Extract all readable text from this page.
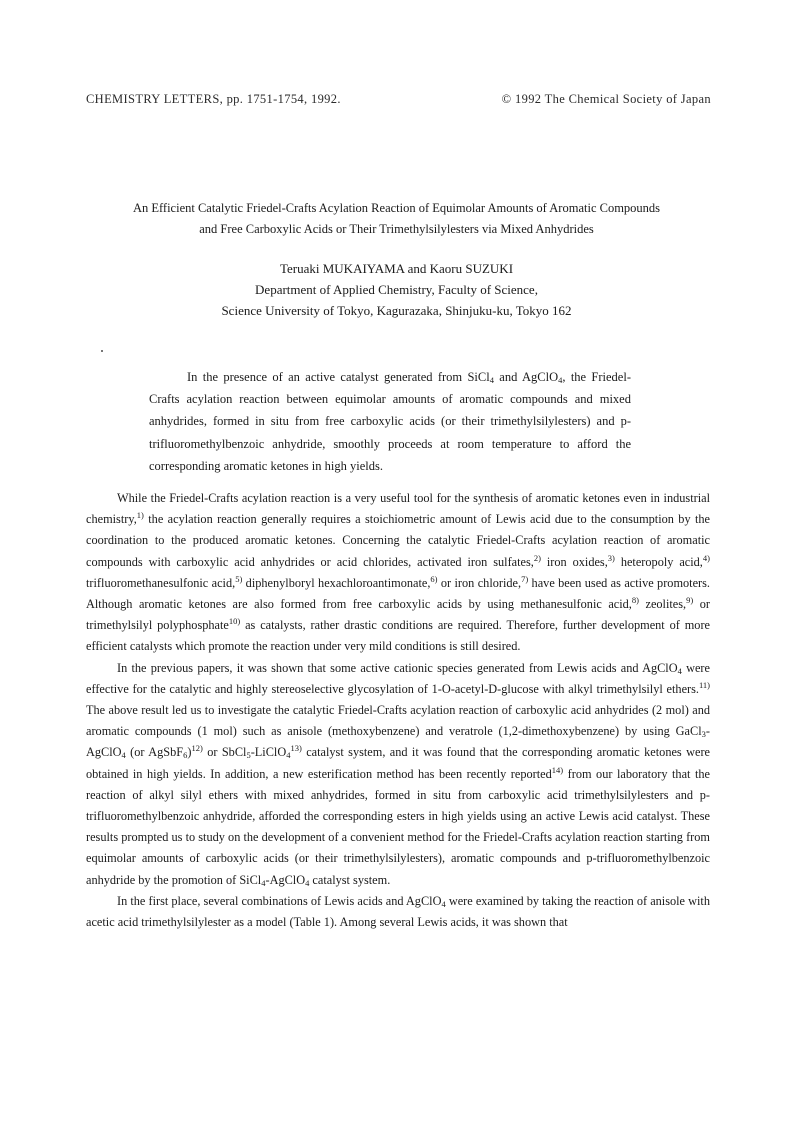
CHEMISTRY LETTERS, pp. 1751-1754, 1992.	© 1992 The Chemical Society of Japan
An Efficient Catalytic Friedel-Crafts Acylation Reaction of Equimolar Amounts of Aromatic Compounds
and Free Carboxylic Acids or Their Trimethylsilylesters via Mixed Anhydrides
Teruaki MUKAIYAMA and Kaoru SUZUKI
Department of Applied Chemistry, Faculty of Science,
Science University of Tokyo, Kagurazaka, Shinjuku-ku, Tokyo 162
In the presence of an active catalyst generated from SiCl$_4$ and AgClO$_4$, the Friedel-Crafts acylation reaction between equimolar amounts of aromatic compounds and mixed anhydrides, formed in situ from free carboxylic acids (or their trimethylsilylesters) and p-trifluoromethylbenzoic anhydride, smoothly proceeds at room temperature to afford the corresponding aromatic ketones in high yields.

While the Friedel-Crafts acylation reaction is a very useful tool for the synthesis of aromatic ketones even in industrial chemistry,$^{1)}$ the acylation reaction generally requires a stoichiometric amount of Lewis acid due to the consumption by the coordination to the produced aromatic ketones. Concerning the catalytic Friedel-Crafts acylation reaction of aromatic compounds with carboxylic acid anhydrides or acid chlorides, activated iron sulfates,$^{2)}$ iron oxides,$^{3)}$ heteropoly acid,$^{4)}$ trifluoromethanesulfonic acid,$^{5)}$ diphenylboryl hexachloroantimonate,$^{6)}$ or iron chloride,$^{7)}$ have been used as active promoters. Although aromatic ketones are also formed from free carboxylic acids by using methanesulfonic acid,$^{8)}$ zeolites,$^{9)}$ or trimethylsilyl polyphosphate$^{10)}$ as catalysts, rather drastic conditions are required. Therefore, further development of more efficient catalysts which promote the reaction under very mild conditions is still desired.

In the previous papers, it was shown that some active cationic species generated from Lewis acids and AgClO$_4$ were effective for the catalytic and highly stereoselective glycosylation of 1-O-acetyl-D-glucose with alkyl trimethylsilyl ethers.$^{11)}$ The above result led us to investigate the catalytic Friedel-Crafts acylation reaction of carboxylic acid anhydrides (2 mol) and aromatic compounds (1 mol) such as anisole (methoxybenzene) and veratrole (1,2-dimethoxybenzene) by using GaCl$_3$-AgClO$_4$ (or AgSbF$_6$)$^{12)}$ or SbCl$_5$-LiClO$_4^{13)}$ catalyst system, and it was found that the corresponding aromatic ketones were obtained in high yields. In addition, a new esterification method has been recently reported$^{14)}$ from our laboratory that the reaction of alkyl silyl ethers with mixed anhydrides, formed in situ from carboxylic acid trimethylsilylesters and p-trifluoromethylbenzoic anhydride, afforded the corresponding esters in high yields using an active Lewis acid catalyst. These results prompted us to study on the development of a convenient method for the Friedel-Crafts acylation reaction starting from equimolar amounts of carboxylic acids (or their trimethylsilylesters), aromatic compounds and p-trifluoromethylbenzoic anhydride by the promotion of SiCl$_4$-AgClO$_4$ catalyst system.

In the first place, several combinations of Lewis acids and AgClO$_4$ were examined by taking the reaction of anisole with acetic acid trimethylsilylester as a model (Table 1). Among several Lewis acids, it was shown that
